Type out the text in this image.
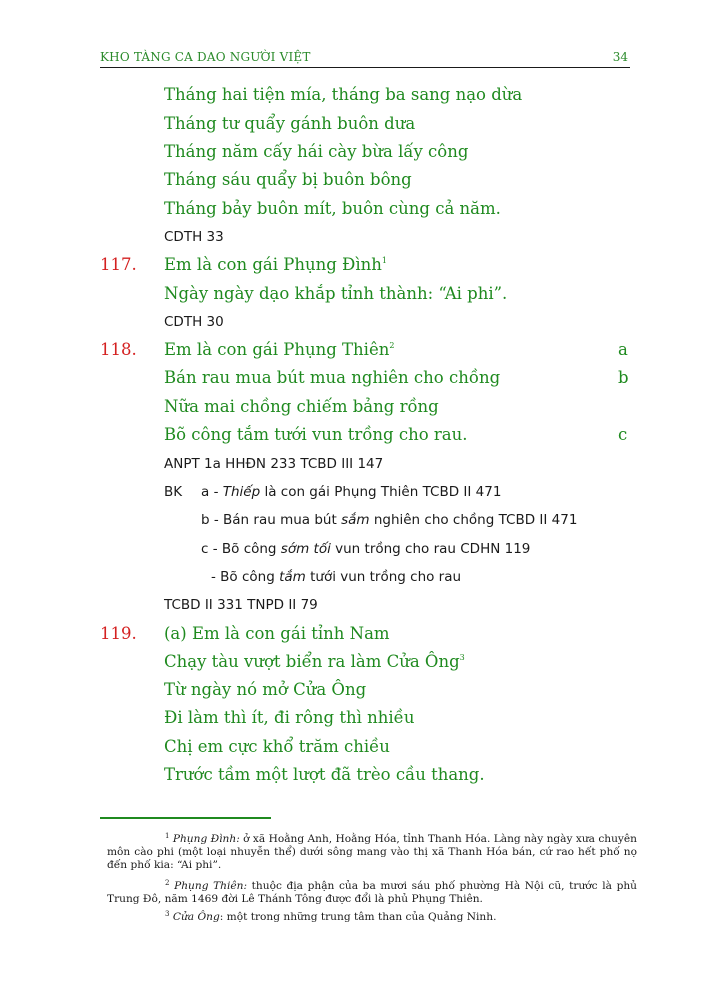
KHO TÀNG CA DAO NGƯỜI VIỆT	34
Tháng hai tiện mía, tháng ba sang nạo dừa
Tháng tư quẩy gánh buôn dưa
Tháng năm cấy hái cày bừa lấy công
Tháng sáu quẩy bị buôn bông
Tháng bảy buôn mít, buôn cùng cả năm.
CDTH 33
117. Em là con gái Phụng Đình$^1$
Ngày ngày dạo khắp tỉnh thành: “Ai phi”.
CDTH 30
118. Em là con gái Phụng Thiên$^2$	a
Bán rau mua bút mua nghiên cho chồng	b
Nữa mai chồng chiếm bảng rồng
Bõ công tắm tưới vun trồng cho rau.	c
ANPT 1a HHĐN 233 TCBD III 147
BK a - Thiếp là con gái Phụng Thiên TCBD II 471
b - Bán rau mua bút sắm nghiên cho chồng TCBD II 471
c - Bõ công sớm tối vun trồng cho rau CDHN 119
- Bõ công tắm tưới vun trồng cho rau
TCBD II 331 TNPD II 79
119. (a) Em là con gái tỉnh Nam
Chạy tàu vượt biển ra làm Cửa Ông$^3$
Từ ngày nó mở Cửa Ông
Đi làm thì ít, đi rông thì nhiều
Chị em cực khổ trăm chiều
Trước tầm một lượt đã trèo cầu thang.
$^1$ Phụng Đình: ở xã Hoằng Anh, Hoằng Hóa, tỉnh Thanh Hóa. Làng này ngày xưa chuyên môn cào phi (một loại nhuyễn thể) dưới sông mang vào thị xã Thanh Hóa bán, cứ rao hết phố nọ đến phố kia: “Ai phi”.
$^2$ Phụng Thiên: thuộc địa phận của ba mươi sáu phố phường Hà Nội cũ, trước là phủ Trung Đô, năm 1469 đời Lê Thánh Tông được đổi là phủ Phụng Thiên.
$^3$ Cửa Ông: một trong những trung tâm than của Quảng Ninh.
